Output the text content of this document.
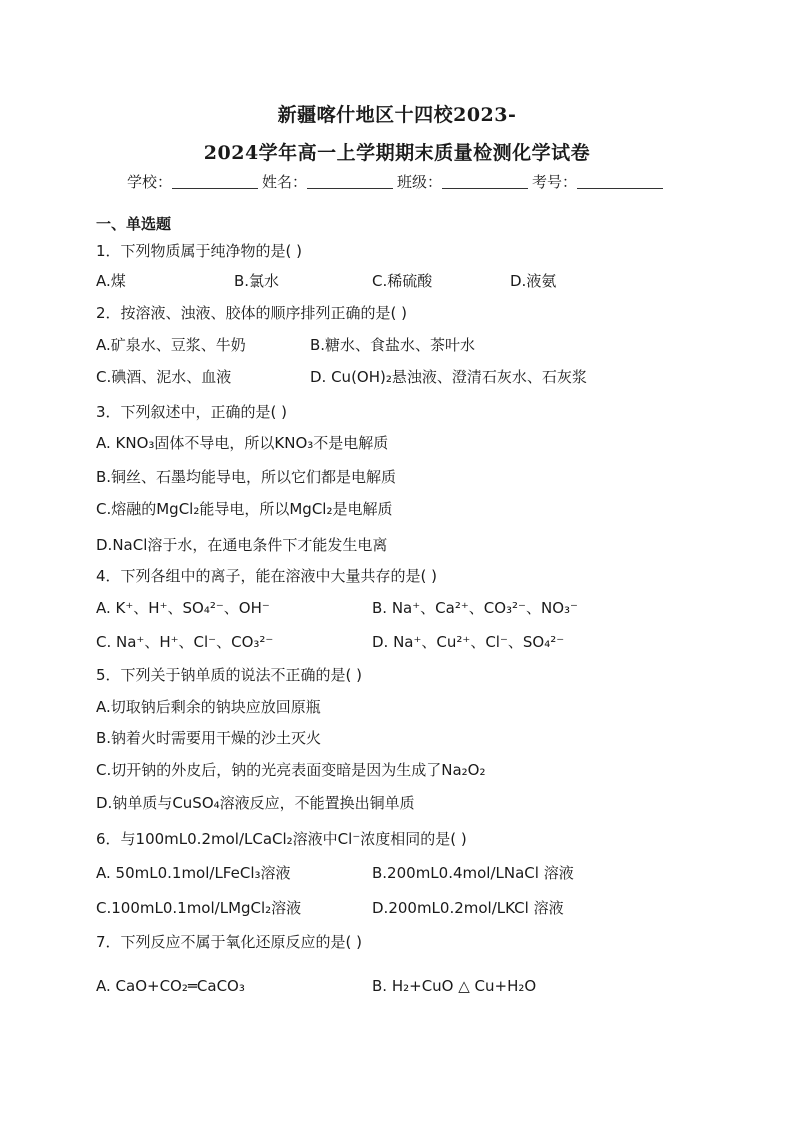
新疆喀什地区十四校2023-
2024学年高一上学期期末质量检测化学试卷
学校：	姓名：	班级：	考号：
一、单选题
1．下列物质属于纯净物的是( )
A.煤	B.氯水	C.稀硫酸	D.液氨
2．按溶液、浊液、胶体的顺序排列正确的是( )
A.矿泉水、豆浆、牛奶	B.糖水、食盐水、茶叶水
C.碘酒、泥水、血液	D. Cu(OH)₂悬浊液、澄清石灰水、石灰浆
3．下列叙述中，正确的是( )
A. KNO₃固体不导电，所以KNO₃不是电解质
B.铜丝、石墨均能导电，所以它们都是电解质
C.熔融的MgCl₂能导电，所以MgCl₂是电解质
D.NaCl溶于水，在通电条件下才能发生电离
4．下列各组中的离子，能在溶液中大量共存的是( )
A. K⁺、H⁺、SO₄²⁻、OH⁻	B. Na⁺、Ca²⁺、CO₃²⁻、NO₃⁻
C. Na⁺、H⁺、Cl⁻、CO₃²⁻	D. Na⁺、Cu²⁺、Cl⁻、SO₄²⁻
5．下列关于钠单质的说法不正确的是( )
A.切取钠后剩余的钠块应放回原瓶
B.钠着火时需要用干燥的沙土灭火
C.切开钠的外皮后，钠的光亮表面变暗是因为生成了Na₂O₂
D.钠单质与CuSO₄溶液反应，不能置换出铜单质
6．与100mL0.2mol/LCaCl₂溶液中Cl⁻浓度相同的是( )
A. 50mL0.1mol/LFeCl₃溶液	B.200mL0.4mol/LNaCl 溶液
C.100mL0.1mol/LMgCl₂溶液	D.200mL0.2mol/LKCl 溶液
7．下列反应不属于氧化还原反应的是( )
A. CaO+CO₂═CaCO₃	B. H₂+CuO △ Cu+H₂O
